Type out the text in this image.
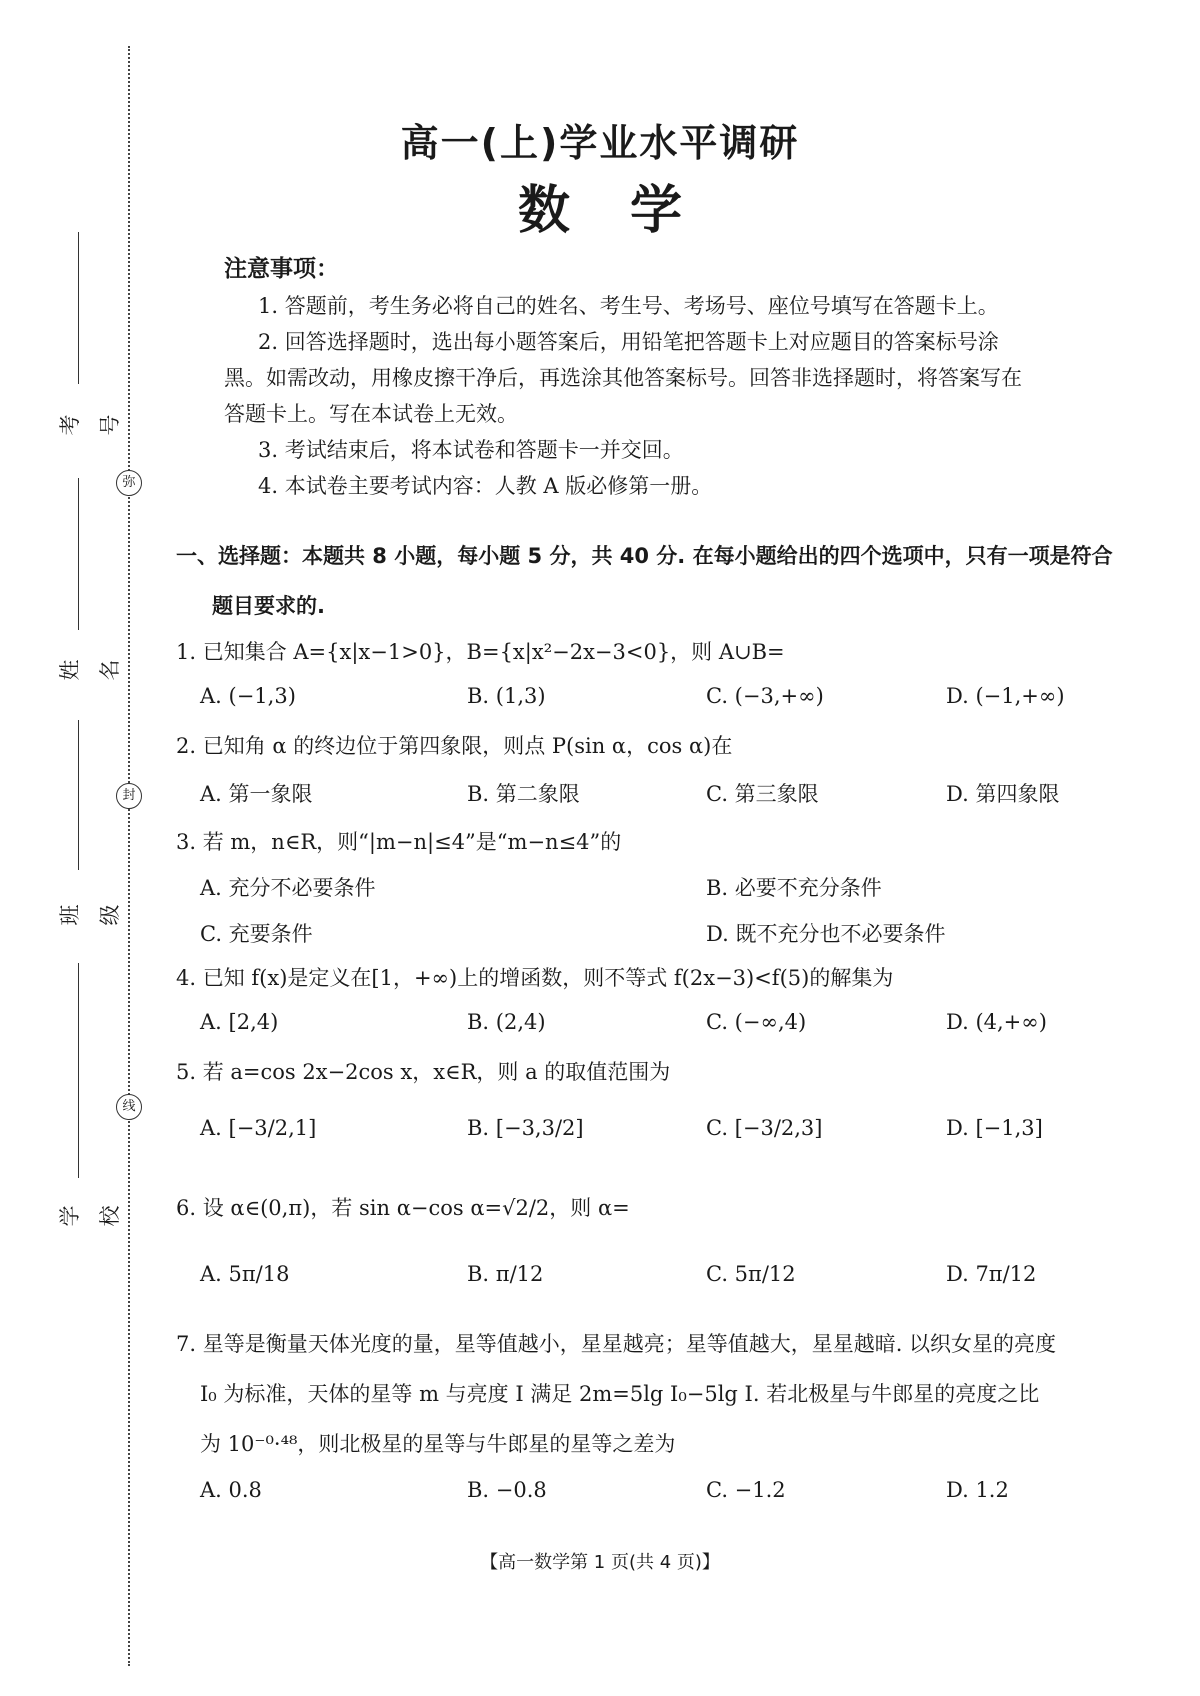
弥
封
线
考号
姓名
班级
学校
高一(上)学业水平调研
数学
注意事项：
1. 答题前，考生务必将自己的姓名、考生号、考场号、座位号填写在答题卡上。
2. 回答选择题时，选出每小题答案后，用铅笔把答题卡上对应题目的答案标号涂
黑。如需改动，用橡皮擦干净后，再选涂其他答案标号。回答非选择题时，将答案写在
答题卡上。写在本试卷上无效。
3. 考试结束后，将本试卷和答题卡一并交回。
4. 本试卷主要考试内容：人教 A 版必修第一册。
一、选择题：本题共 8 小题，每小题 5 分，共 40 分. 在每小题给出的四个选项中，只有一项是符合
题目要求的.
1. 已知集合 A={x|x−1>0}，B={x|x²−2x−3<0}，则 A∪B=
A. (−1,3)	B. (1,3)	C. (−3,+∞)	D. (−1,+∞)
2. 已知角 α 的终边位于第四象限，则点 P(sin α，cos α)在
A. 第一象限	B. 第二象限	C. 第三象限	D. 第四象限
3. 若 m，n∈R，则“|m−n|≤4”是“m−n≤4”的
A. 充分不必要条件	B. 必要不充分条件
C. 充要条件	D. 既不充分也不必要条件
4. 已知 f(x)是定义在[1，+∞)上的增函数，则不等式 f(2x−3)<f(5)的解集为
A. [2,4)	B. (2,4)	C. (−∞,4)	D. (4,+∞)
5. 若 a=cos 2x−2cos x，x∈R，则 a 的取值范围为
A. [−3/2,1]	B. [−3,3/2]	C. [−3/2,3]	D. [−1,3]
6. 设 α∈(0,π)，若 sin α−cos α=√2/2，则 α=
A. 5π/18	B. π/12	C. 5π/12	D. 7π/12
7. 星等是衡量天体光度的量，星等值越小，星星越亮；星等值越大，星星越暗. 以织女星的亮度
I₀ 为标准，天体的星等 m 与亮度 I 满足 2m=5lg I₀−5lg I. 若北极星与牛郎星的亮度之比
为 10⁻⁰·⁴⁸，则北极星的星等与牛郎星的星等之差为
A. 0.8	B. −0.8	C. −1.2	D. 1.2
【高一数学第 1 页(共 4 页)】
